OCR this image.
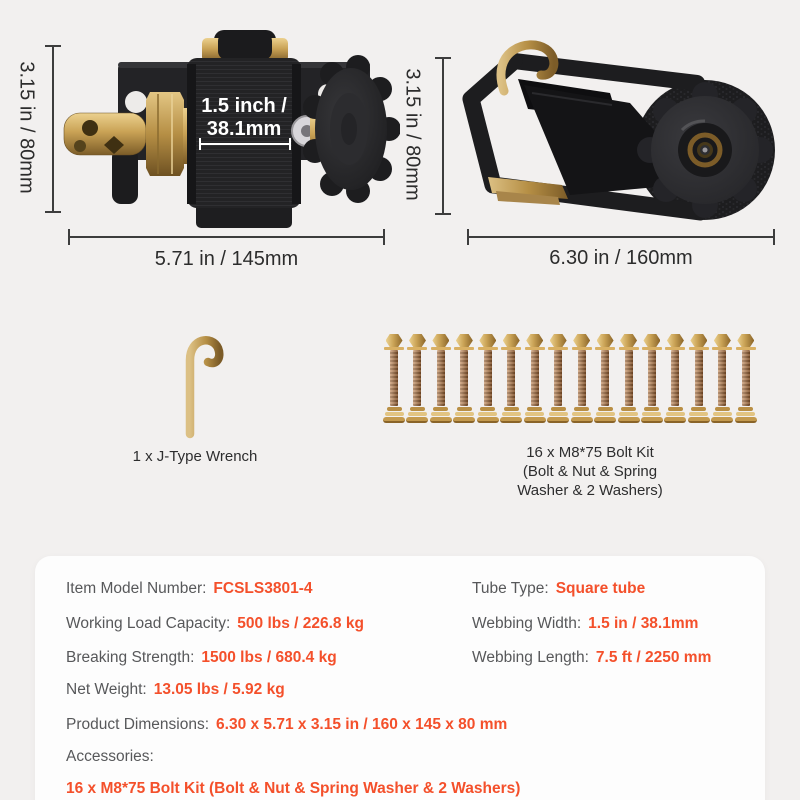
3.15 in / 80mm	1.5 inch /
38.1mm
5.71 in / 145mm
3.15 in / 80mm
6.30 in / 160mm
1 x J-Type Wrench	16 x M8*75 Bolt Kit
(Bolt & Nut & Spring
Washer & 2 Washers)
Item Model Number: FCSLS3801-4	Tube Type: Square tube
Working Load Capacity: 500 lbs / 226.8 kg	Webbing Width: 1.5 in / 38.1mm
Breaking Strength: 1500 lbs / 680.4 kg	Webbing Length: 7.5 ft / 2250 mm
Net Weight: 13.05 lbs / 5.92 kg
Product Dimensions: 6.30 x 5.71 x 3.15 in / 160 x 145 x 80 mm
Accessories:
16 x M8*75 Bolt Kit (Bolt & Nut & Spring Washer & 2 Washers)
